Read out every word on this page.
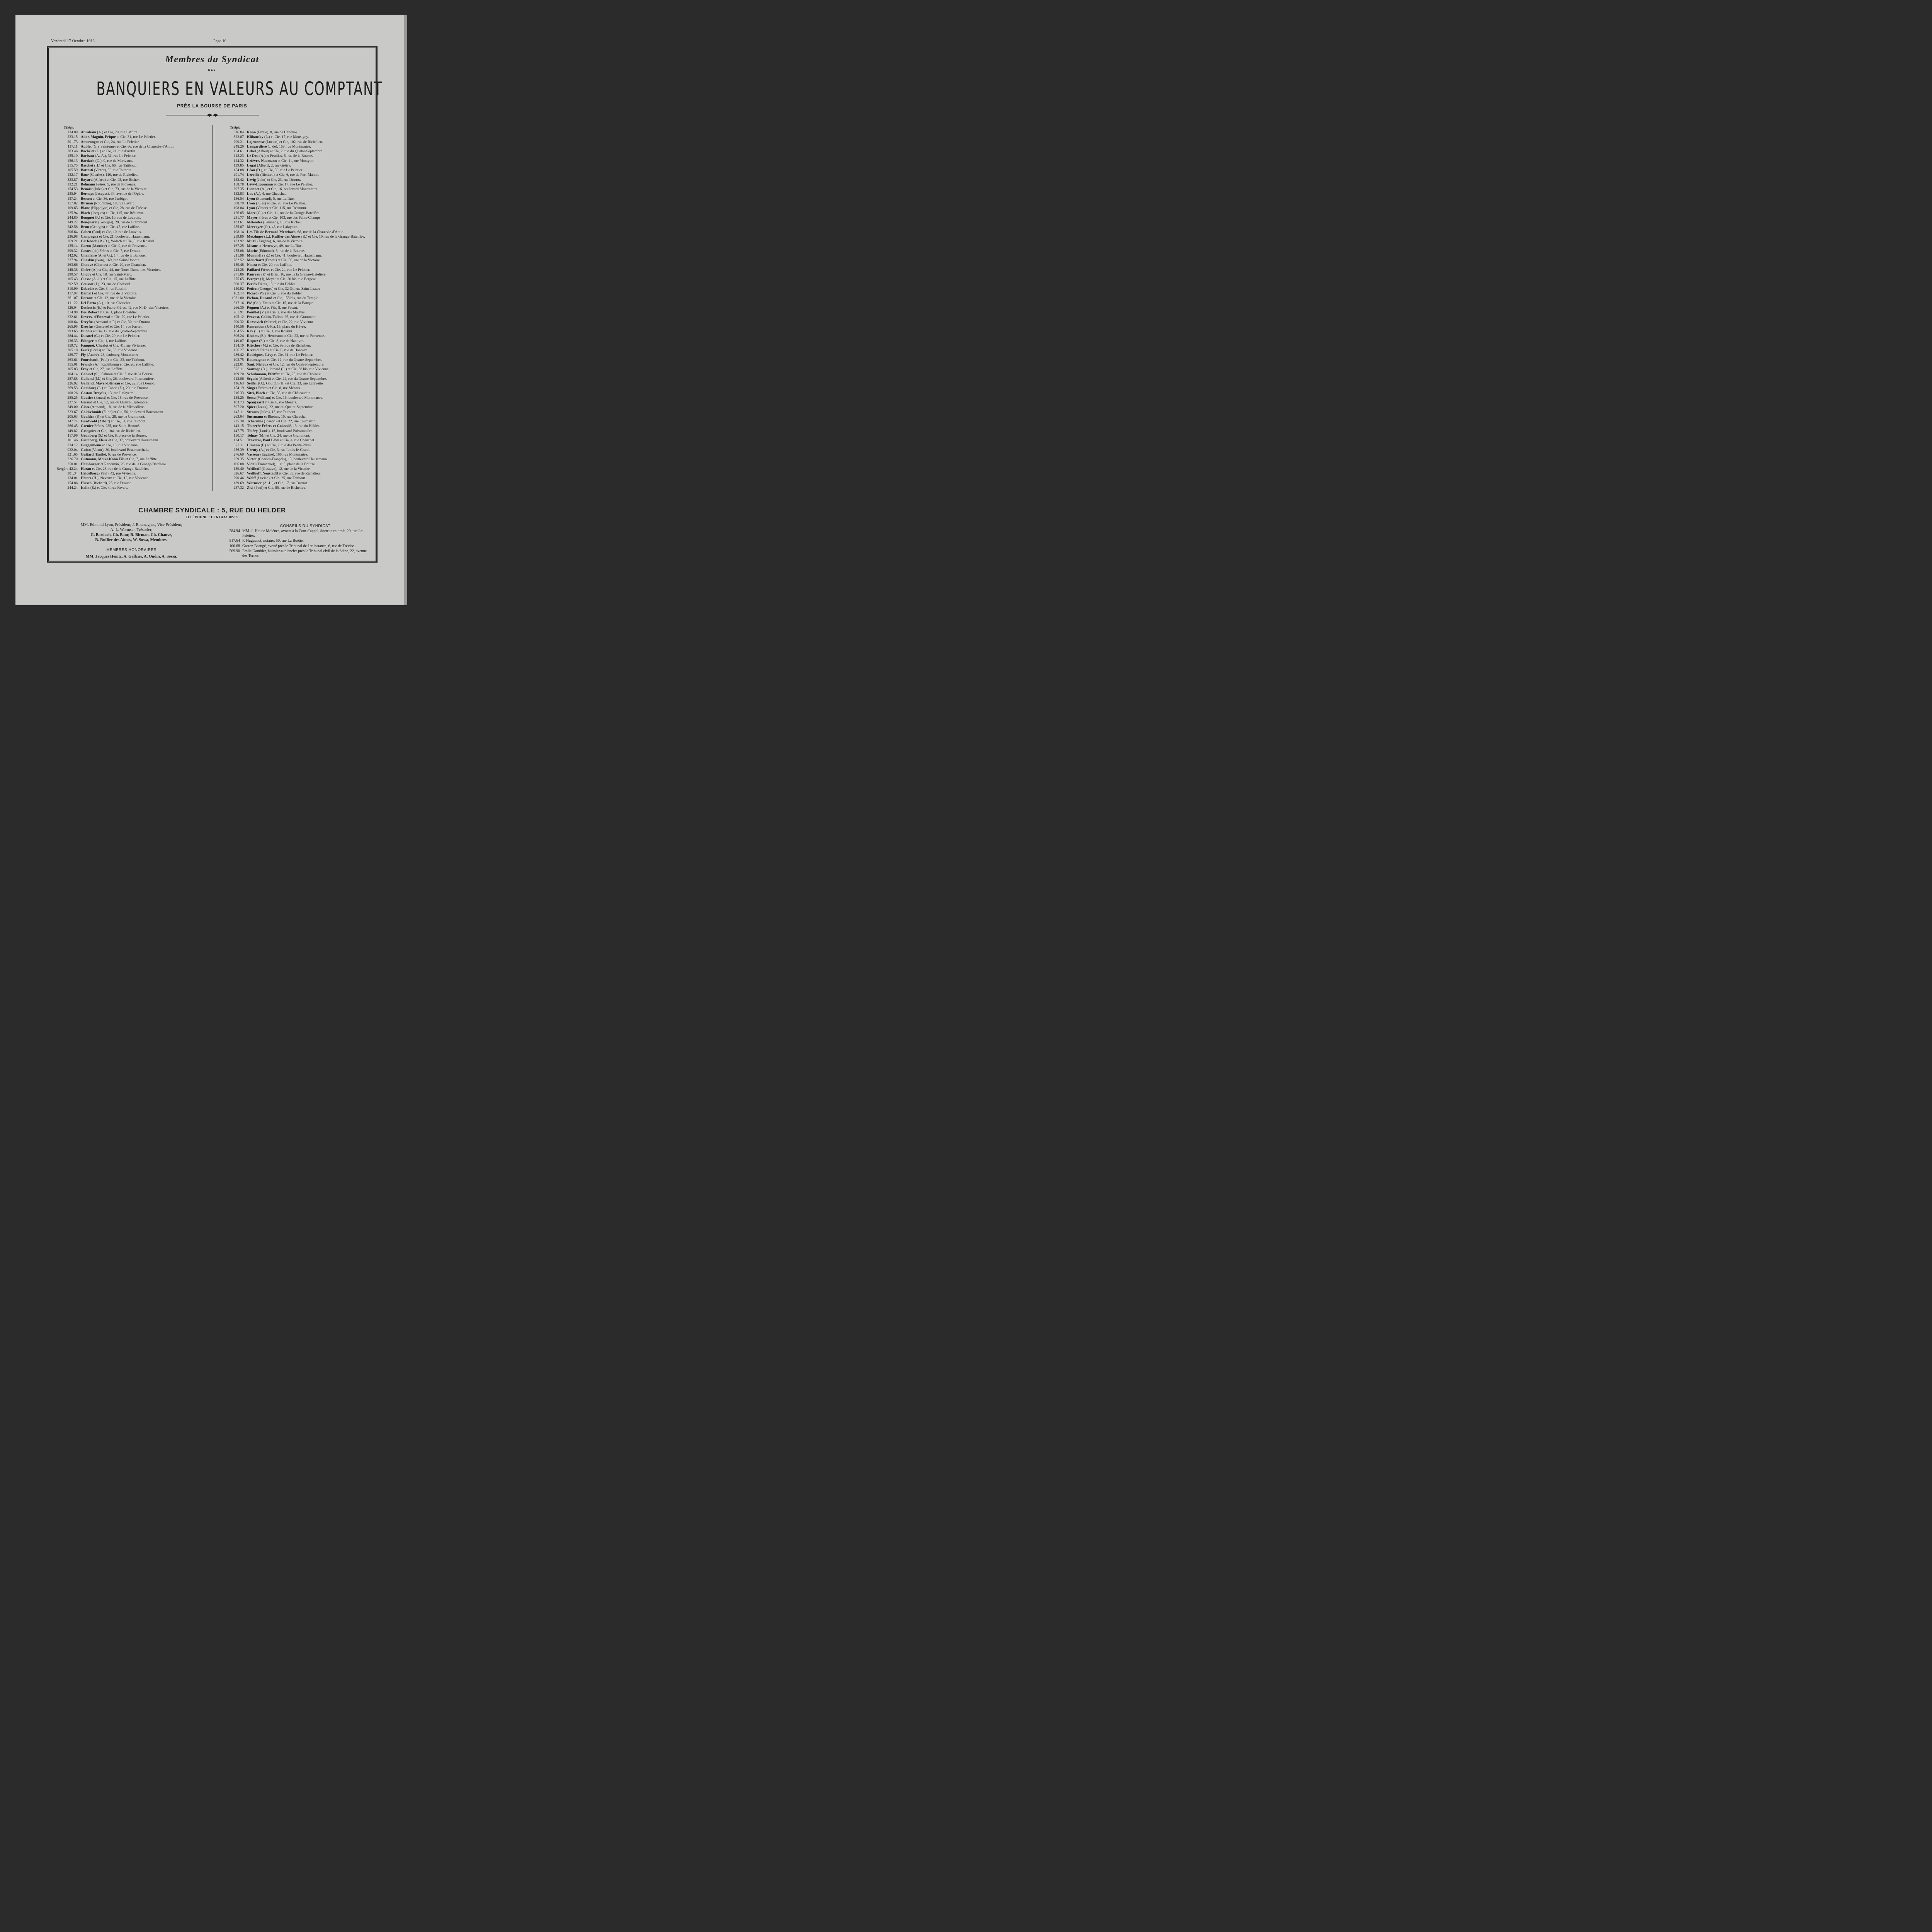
Vendredi 17 Octobre 1913	Page 10
Membres du Syndicat
DES
BANQUIERS EN VALEURS AU COMPTANT
PRÈS LA BOURSE DE PARIS
Téléph.
134.09 Abraham (A.) et Cie, 20, rue Laffitte.
233.15 Ador, Magnin, Prique et Cie, 31, rue Le Peletier.
201.73 Amerongen et Cie, 24, rue Le Peletier.
117.11 Aublet (G.), Saintomer et Cie, 66, rue de la Chaussée-d'Antin.
283.46 Bachelet (L.) et Cie, 21, rue d'Antin
155.10 Barbaut (A.-A.), 31, rue Le Peletier.
156.13 Bardach (G.), 9, rue de Marivaux.
215.75 Baschet (H.) et Cie, 66, rue Taitbout.
105.59 Battesti (Victor), 36, rue Taitbout.
132.17 Baur (Charles), 110, rue de Richelieu.
323.87 Bayard (Alfred) et Cie, 45, rue Richer.
132.21 Belmann Frères, 5, rue de Provence.
154.53 Benoist (Jules) et Cie, 73, rue de la Victoire.
235.94 Bernays (Jacques), 34, avenue de l'Opéra.
137.24 Besson et Cie, 36, rue Turbigo.
157.02 Birman (Rodolphe), 18, rue Favart.
109.63 Blanc (Hippolyte) et Cie, 28, rue de Trévise.
125.94 Bloch (Jacques) et Cie, 115, rue Réaumur.
244.80 Bouguet (P.) et Cie, 10, rue de Louvois.
149.27 Bouquerel (Georges), 20, rue de Grammont.
242.58 Brun (Georges) et Cie, 47, rue Laffitte.
206.64 Cahen (Paul) et Cie, 10, rue de Louvois.
236.98 Campagna et Cie, 21, boulevard Haussmann.
269.21 Carlebach (R.-D.), Walsch et Cie, 8, rue Rossini.
135.14 Caron (Maurice) et Cie, 9, rue de Provence.
299.32 Castro (de) Frères et Cie, 7, rue Drouot.
142.02 Chanlaire (A. et G.), 14, rue de la Banque.
237.94 Chaskin (Ivan), 169, rue Saint-Honoré.
263.66 Chauve (Charles) et Cie, 20, rue Chauchat.
248.38 Chéré (A.) et Cie, 44, rue Notre-Dame-des-Victoires.
290.57 Chopy et Cie, 18, rue Saint-Marc.
105.43 Classe (A.-J.) et Cie, 15, rue Laffitte.
292.59 Coussat (J.), 23, rue de Choiseul.
310.99 Dabadie et Cie, 3, rue Rossini.
117.97 Damart et Cie, 47, rue de la Victoire.
261.07 Daroux et Cie, 12, rue de la Victoire.
111.22 Del Porto (A.), 10, rue Chauchat.
126.04 Desfossés (E.) et Fabre Frères, 42, rue N.-D.-des-Victoires.
314.98 Des Robert et Cie, 1, place Boïeldieu.
232.61 Devers, d'Enneval et Cie, 29, rue Le Peletier.
108.64 Dreyfus (Armand et P.) et Cie, 30, rue Drouot.
265.95 Dreyfus (Gustave) et Cie, 14, rue Favart.
293.65 Dubois et Cie, 12, rue du Quatre-Septembre.
284.44 Ducatel (G.) et Cie, 29, rue Le Peletier.
136.33 Edinger et Cie, 1, rue Laffitte.
159.72 Fauquet, Charlot et Cie, 41, rue Vivienne.
205.18 Ferri (Louis) et Cie, 53, rue Vivienne.
129.77 Fly (André), 28, faubourg Montmartre.
263.61 Fourchault (Paul) et Cie, 23, rue Taitbout.
155.01 Franck (A.), Kadelbourg et Cie, 20, rue Laffitte.
105.83 Fray et Cie, 27, rue Laffitte.
104.14 Gabriel (S.), Salmon et Cie, 2, rue de la Bourse.
287.88 Galland (M.) et Cie, 26, boulevard Poissonnière.
226.92 Galland, Mayer-Bléneau et Cie, 22, rue Drouot.
269.53 Gamburg (L.) et Canon (E.), 20, rue Drouot.
108.26 Gaston-Dreyfus, 13, rue Lafayette.
285.25 Gautier (Ernest) et Cie, 18, rue de Provence.
227.54 Giraud et Cie, 12, rue du Quatre-Septembre.
249.00 Glotz (Armand), 18, rue de la Michodière.
223.67 Goldschmidt (E. de) et Cie, 56, boulevard Haussmann.
205.63 Goulden (P.) et Cie, 28, rue de Grammont.
147.74 Gradwohl (Albert) et Cie, 34, rue Taitbout.
266.45 Grenier Frères, 235, rue Saint-Honoré.
149.82 Gringoire et Cie, 104, rue de Richelieu.
117.96 Grunberg (S.) et Cie, 8, place de la Bourse.
101.46 Grunberg, Fleur et Cie, 37, boulevard Haussmann.
234.12 Guggenheim et Cie, 18, rue Vivienne.
932.04 Guion (Victor), 30, boulevard Beaumarchais.
321.65 Guitard (Emile), 6, rue de Provence.
226.70 Gutmann, Morel-Kahn Fils et Cie, 7, rue Laffitte.
250.01 Hamburger et Renouvin, 26, rue de la Grange-Batelière.
Bergère 42.24 Hazan et Cie, 28, rue de la Grange-Batelière.
301.34 Heidelberg (Paul), 42, rue Vivienne.
134.01 Heintz (H.), Neveux et Cie, 12, rue Vivienne.
154.86 Hirsch (Richard), 25, rue Drouot.
244.24 Italin (E.) et Cie, 4, rue Favart.
Téléph.
316.84 Kann (Emile), 8, rue de Hanovre.
322.87 Klibansky (L.) et Cie, 17, rue Monsigny.
299.21 Lajeunesse (Lucien) et Cie, 102, rue de Richelieu.
248.20 Laugardière (J. de), 169, rue Montmartre.
154.61 Lebel (Alfred) et Cie, 2, rue du Quatre-Septembre.
112.23 Le Dru (A.) et Feuillas, 5, rue de la Bourse.
124.32 Lefèvre, Naumann et Cie, 11, rue Montyon.
139.85 Legat (Albert), 2, rue Grétry.
154.88 Léon (D.), et Cie, 30, rue Le Peletier.
291.74 Lerville (Richard) et Cie, 6, rue de Port-Mahon.
132.42 Levig (John) et Cie, 23, rue Drouot.
158.78 Lévy-Lippmann et Cie, 17, rue Le Peletier.
297.35 Lionnet (A.) et Cie, 16, boulevard Montmartre.
132.83 Luc (A.), 4, rue Chauchat.
136.54 Lyon (Edmond), 5, rue Laffitte.
308.79 Lyon (Jules) et Cie, 20, rue Le Peletier.
108.84 Lyon (Victor) et Cie, 115, rue Réaumur.
126.85 Marc (G.) et Cie, 11, rue de la Grange-Batelière.
231.77 Mayer Frères et Cie, 103, rue des Petits-Champs.
133.61 Mélendès (Fernand), 46, rue Richer.
255.87 Mervoyer (O.), 43, rue Lafayette.
108.14 Les Fils de Bernard Merzbach, 68, rue de la Chaussée-d'Antin.
259.80 Metzinger (L.), Ruffier des Aimes (R.) et Cie, 10, rue de la Grange-Batelière.
133.92 Mirtil (Eugène), 6, rue de la Victoire.
167.25 Misme et Herrewyn, 49, rue Laffitte.
255.08 Moche (Edmond), 3, rue de la Bourse.
211.98 Momméja (R.) et Cie, 41, boulevard Haussmann.
282.52 Mouchard (Ernest) et Cie, 56, rue de la Victoire.
159.48 Naura et Cie, 20, rue Laffitte.
243.28 Paillard Frères et Cie, 24, rue Le Peletier.
271.86 Paureau (P.) et Briel, 16, rue de la Grange-Batelière.
275.65 Pereyre (J), Meyer et Cie, 30 bis, rue Bergère.
300.37 Perlès Frères, 15, rue du Helder.
140.92 Petitot (Georges) et Cie, 32-34, rue Saint-Lazare.
162.14 Picard (Ph.) et Cie, 5, rue du Helder.
1031.80 Pichon, Durand et Cie, 158 bis, rue du Temple.
317.16 Pié (Ch.), Elcus et Cie, 15, rue de la Banque.
266.30 Pognon (A.) et Fils, 8, rue Favart.
261.91 Pouillet (V.) et Cie, 2, rue des Martyrs.
105.12 Provost, Collin, Tallon, 26, rue de Grammont.
200.32 Razsovich (Marcel) et Cie, 22, rue Vivienne.
140.56 Remondon (J.-R.), 15, place du Hâvre.
164.55 Rey (L.) et Cie, 1, rue Rossini.
306.24 Rheims (E.), Herrmann et Cie, 23, rue de Provence.
149.07 Riquez (E.) et Cie, 8, rue de Hanovre.
154.10 Ritscher (M.) et Cie, 99, rue de Richelieu.
156.27 Rivaud Frères et Cie, 6, rue de Hanovre.
286.42 Rodrigues, Lévy et Cie, 31, rue Le Peletier.
103.75 Roumagnac et Cie, 12, rue du Quatre-Septembre.
222.01 Sant, Nicloux et Cie, 12, rue du Quatre-Septembre.
328.11 Sauvage (D.), Jomard (L.) et Cie, 38 bis, rue Vivienne.
109.20 Schuhmann, Pfeiffer et Cie, 25, rue de Choiseul.
112.06 Seguin (Alfred) et Cie, 24, rue du Quatre-Septembre.
116.63 Seiller (O.), Gourdin (H.) et Cie, 33, rue Lafayette.
154.19 Singer Frères et Cie, 8, rue Ménars.
216.33 Sitri, Bloch et Cie, 38, rue de Châteaudun.
138.25 Sossa (William) et Cie, 16, boulevard Montmartre.
103.73 Spanjaard et Cie, 8, rue Ménars.
307.20 Spier (Louis), 22, rue du Quatre-Septembre.
147.11 Strauss (Jules), 13, rue Taitbout.
263.04 Sussmann et Rheims, 10, rue Chauchat.
225.30 Tchernine (Joseph) et Cie, 22, rue Caumartin.
143.15 Thierrée Frères et Goissedé, 13, rue du Helder.
147.75 Thiéry (Louis), 15, boulevard Poissonnière.
150.17 Tolnay (M.) et Cie, 24, rue de Grammont.
124.51 Traverse, Paul Lévy et Cie, 4, rue Chauchat.
327.11 Ulmann (F.) et Cie, 2, rue des Petits-Pères.
256.39 Urruty (A.) et Cie, 3, rue Louis-le-Grand.
276.69 Vasseur (Eugène), 166, rue Montmartre.
259.35 Victor (Charles-François), 13, boulevard Haussmann.
106.08 Vidal (Emmanuel), 1 et 3, place de la Bourse.
139.40 Weilhoff (Gustave), 12, rue de la Victoire.
326.67 Weilhoff, Neustadtl et Cie, 85, rue de Richelieu.
290.46 Wolff (Lucien) et Cie, 25, rue Taitbout.
139.69 Wormser (A.-L.) et Cie, 17, rue Drouot.
237.32 Zivi (Paul) et Cie, 85, rue de Richelieu.
CHAMBRE SYNDICALE : 5, RUE DU HELDER
TÉLÉPHONE : CENTRAL 82-59
MM. Edmond Lyon, Président; J. Roumagnac, Vice-Président;
A.-L. Wormser, Trésorier;
G. Bardach, Ch. Baur, R. Birman, Ch. Chauve,
R. Ruffier des Aimes, W. Sossa, Membres.
MEMBRES HONORAIRES
MM. Jacques Heintz, A. Gallcier, A. Oudin, A. Sossa.
CONSEILS DU SYNDICAT
284.94 MM. J.-Hte de Molènes, avocat à la Cour d'appel, docteur en droit, 20, rue Le Peletier.
517.64 F. Huguenot, notaire, 50, rue La Boëtie.
100.68 Gaston Beaugé, avoué près le Tribunal de 1re instance, 6, rue de Trévise.
509.90 Emile Gambier, huissier-audiencier près le Tribunal civil de la Seine, 22, avenue des Ternes.
